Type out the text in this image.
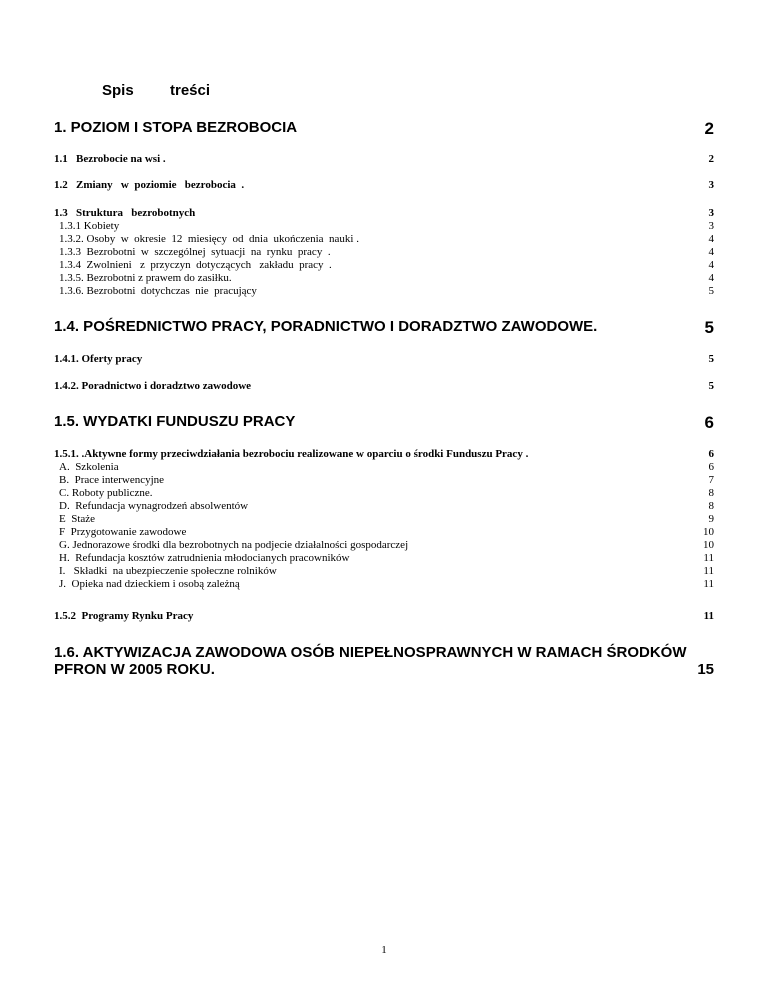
Spis  treści
1. POZIOM I STOPA BEZROBOCIA	2
1.1   Bezrobocie na wsi .	2
1.2   Zmiany   w  poziomie   bezrobocia  .	3
1.3   Struktura   bezrobotnych	3
1.3.1 Kobiety	3
1.3.2. Osoby  w  okresie  12  miesięcy  od  dnia  ukończenia  nauki .	4
1.3.3  Bezrobotni  w  szczególnej  sytuacji  na  rynku  pracy  .	4
1.3.4  Zwolnieni   z  przyczyn  dotyczących   zakładu  pracy  .	4
1.3.5. Bezrobotni z prawem do zasiłku.	4
1.3.6. Bezrobotni  dotychczas  nie  pracujący	5
1.4. POŚREDNICTWO PRACY, PORADNICTWO I DORADZTWO ZAWODOWE.	5
1.4.1. Oferty pracy	5
1.4.2. Poradnictwo i doradztwo zawodowe	5
1.5. WYDATKI FUNDUSZU PRACY	6
1.5.1. .Aktywne formy przeciwdziałania bezrobociu realizowane w oparciu o środki Funduszu Pracy .	6
A.  Szkolenia	6
B.  Prace interwencyjne	7
C. Roboty publiczne.	8
D.  Refundacja wynagrodzeń absolwentów	8
E  Staże	9
F  Przygotowanie zawodowe	10
G. Jednorazowe środki dla bezrobotnych na podjecie działalności gospodarczej	10
H.  Refundacja kosztów zatrudnienia młodocianych pracowników	11
I.   Składki  na ubezpieczenie społeczne rolników	11
J.  Opieka nad dzieckiem i osobą zależną	11
1.5.2  Programy Rynku Pracy	11
1.6. AKTYWIZACJA ZAWODOWA OSÓB NIEPEŁNOSPRAWNYCH W RAMACH ŚRODKÓW
PFRON W 2005 ROKU.	15
1
